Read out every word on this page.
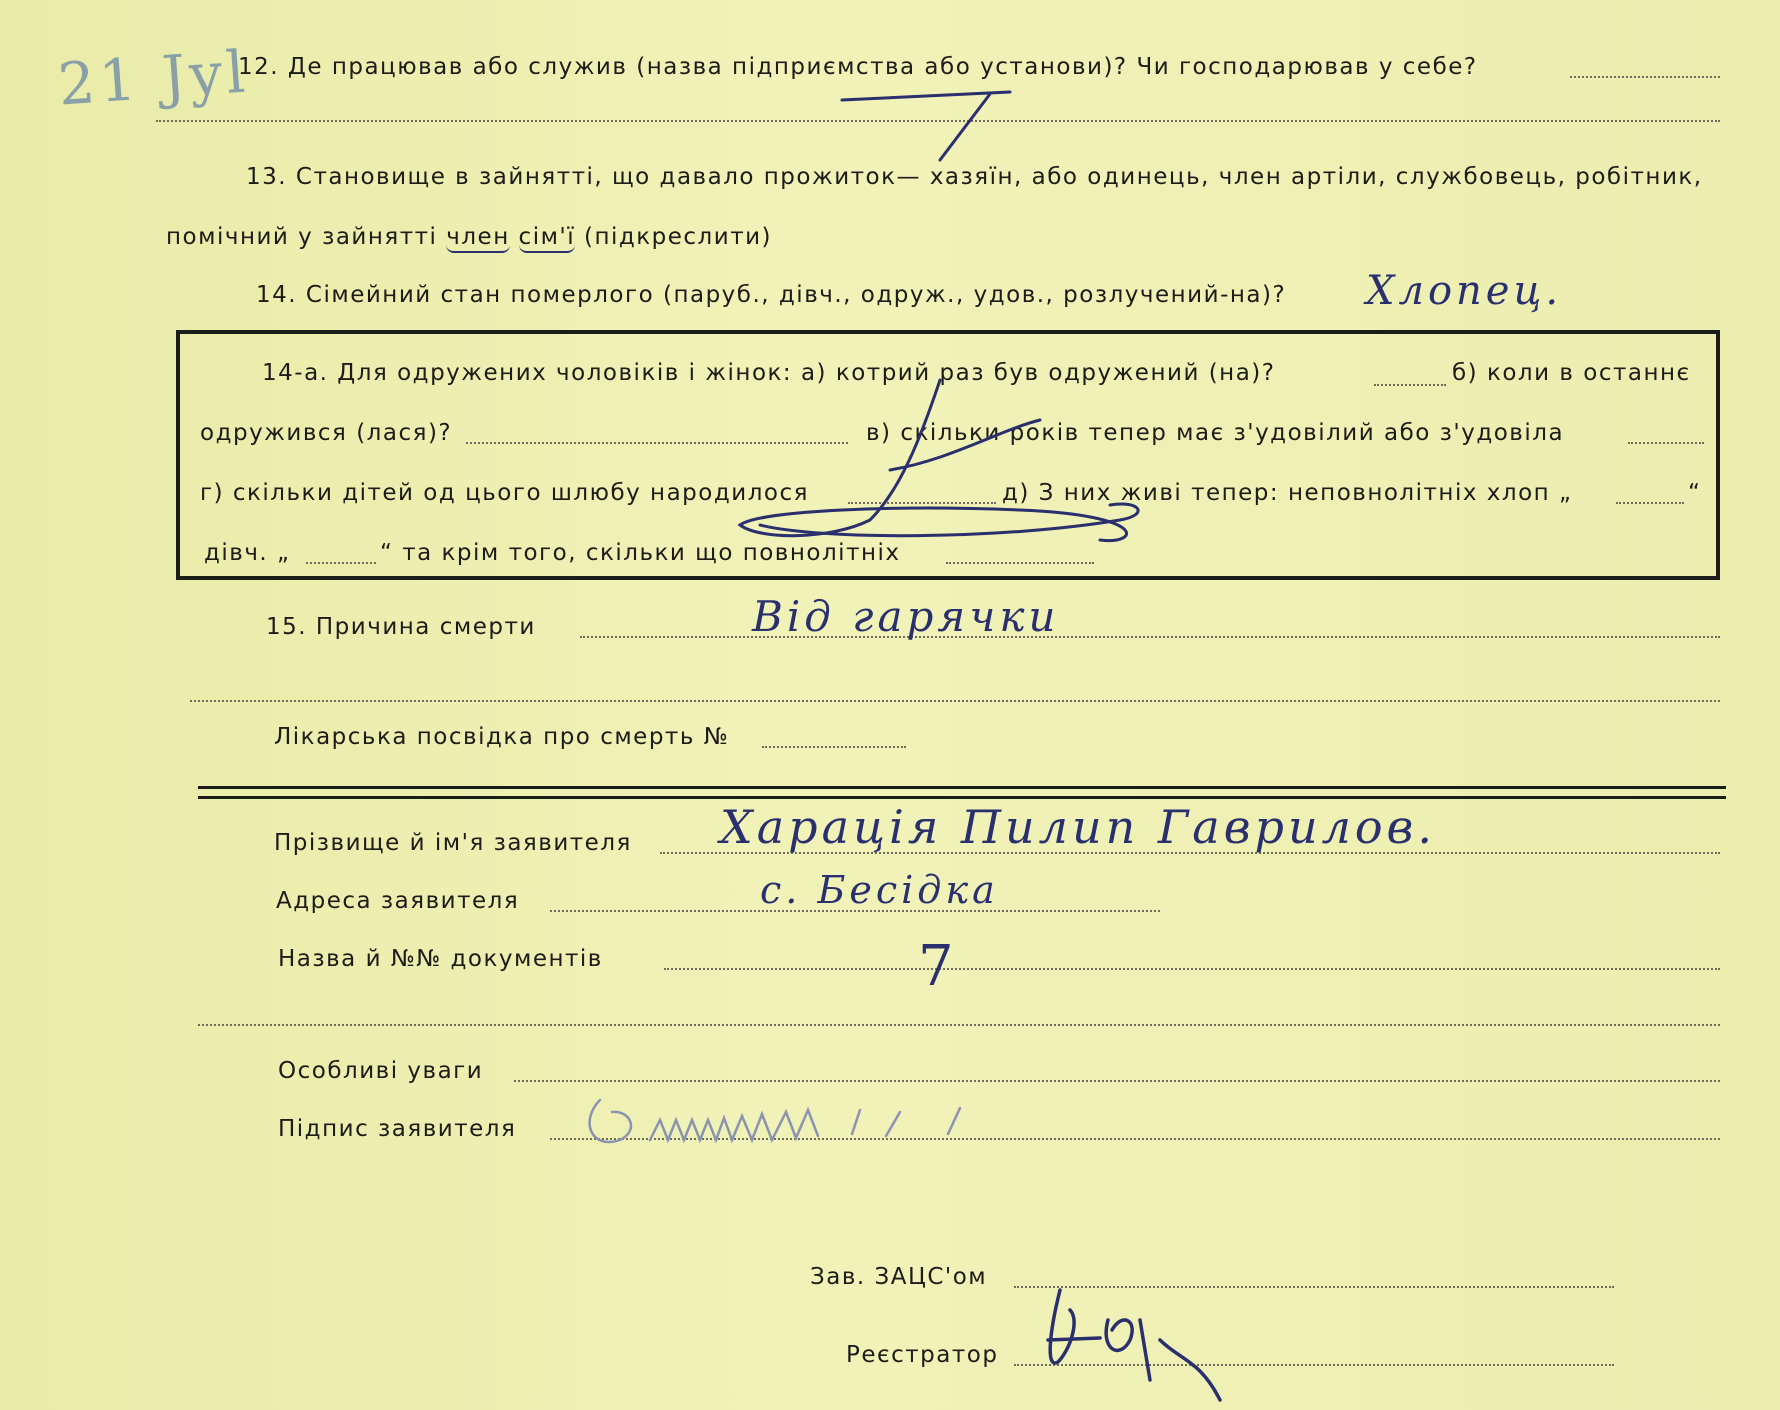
21 Jyl
12. Де працював або служив (назва підприємства або установи)? Чи господарював у себе?
13. Становище в зайнятті, що давало прожиток— хазяїн, або одинець, член артіли, службовець, робітник,
помічний у зайнятті член сім'ї (підкреслити)
14. Сімейний стан померлого (паруб., дівч., одруж., удов., розлучений-на)? Хлопец.
14-а. Для одружених чоловіків і жінок: а) котрий раз був одружений (на)?	б) коли в останнє
одружився (лася)?	в) скільки років тепер має з'удовілий або з'удовіла
г) скільки дітей од цього шлюбу народилося	д) З них живі тепер: неповнолітніх хлоп „	“
дівч. „	“ та крім того, скільки що повнолітніх
15. Причина смерти	Від гарячки
Лікарська посвідка про смерть №
Прізвище й ім'я заявителя Харація Пилип Гаврилов.
Адреса заявителя	с. Бесідка
Назва й №№ документів	7
Особливі уваги
Підпис заявителя
Зав. ЗАЦС'ом
Реєстратор
